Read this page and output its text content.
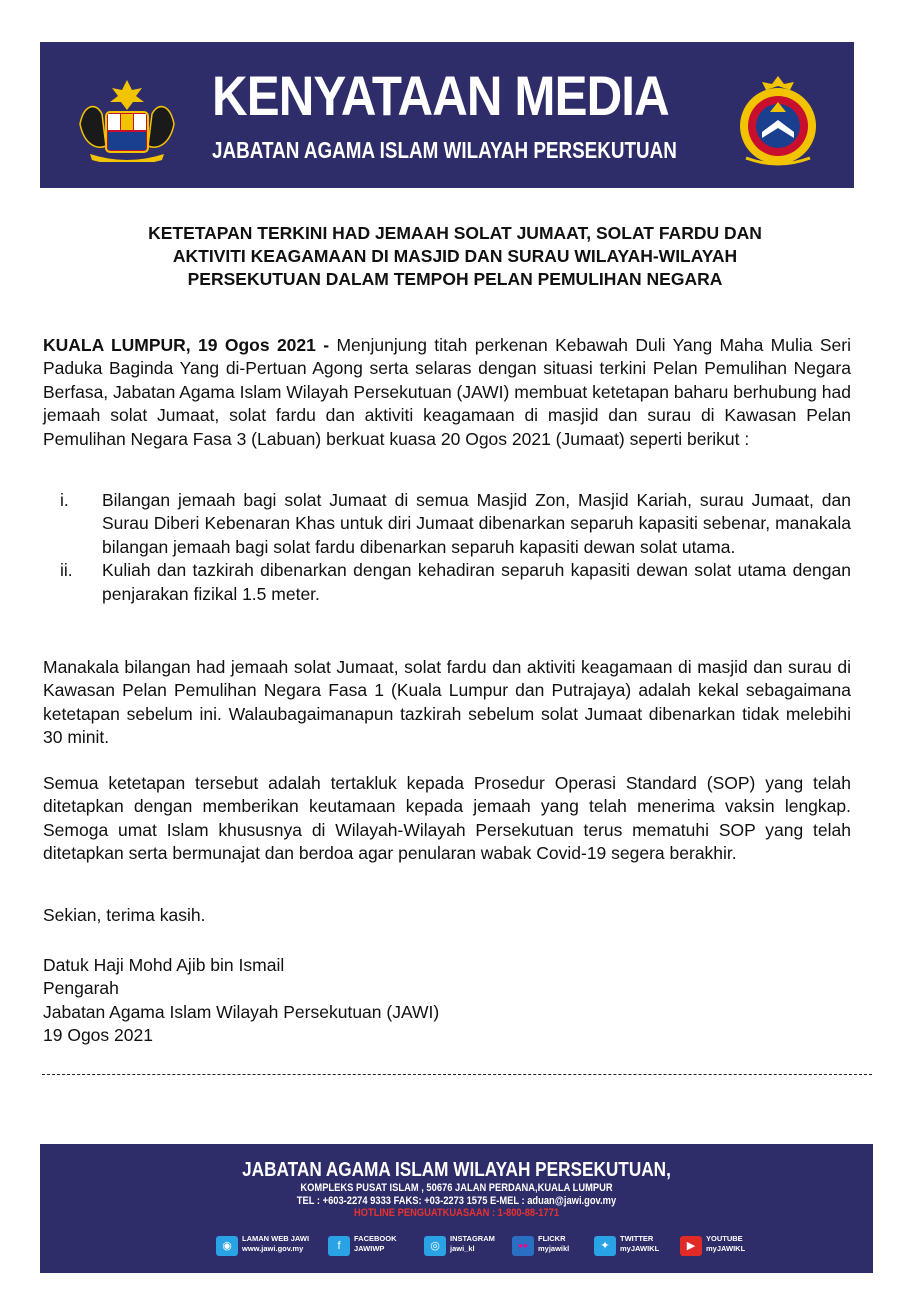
KENYATAAN MEDIA
JABATAN AGAMA ISLAM WILAYAH PERSEKUTUAN
KETETAPAN TERKINI HAD JEMAAH SOLAT JUMAAT, SOLAT FARDU DAN
AKTIVITI KEAGAMAAN DI MASJID DAN SURAU WILAYAH-WILAYAH
PERSEKUTUAN DALAM TEMPOH PELAN PEMULIHAN NEGARA
KUALA LUMPUR, 19 Ogos 2021 - Menjunjung titah perkenan Kebawah Duli Yang Maha Mulia Seri Paduka Baginda Yang di-Pertuan Agong serta selaras dengan situasi terkini Pelan Pemulihan Negara Berfasa, Jabatan Agama Islam Wilayah Persekutuan (JAWI) membuat ketetapan baharu berhubung had jemaah solat Jumaat, solat fardu dan aktiviti keagamaan di masjid dan surau di Kawasan Pelan Pemulihan Negara Fasa 3 (Labuan) berkuat kuasa 20 Ogos 2021 (Jumaat) seperti berikut :
i. Bilangan jemaah bagi solat Jumaat di semua Masjid Zon, Masjid Kariah, surau Jumaat, dan Surau Diberi Kebenaran Khas untuk diri Jumaat dibenarkan separuh kapasiti sebenar, manakala bilangan jemaah bagi solat fardu dibenarkan separuh kapasiti dewan solat utama.
ii. Kuliah dan tazkirah dibenarkan dengan kehadiran separuh kapasiti dewan solat utama dengan penjarakan fizikal 1.5 meter.
Manakala bilangan had jemaah solat Jumaat, solat fardu dan aktiviti keagamaan di masjid dan surau di Kawasan Pelan Pemulihan Negara Fasa 1 (Kuala Lumpur dan Putrajaya) adalah kekal sebagaimana ketetapan sebelum ini. Walaubagaimanapun tazkirah sebelum solat Jumaat dibenarkan tidak melebihi 30 minit.
Semua ketetapan tersebut adalah tertakluk kepada Prosedur Operasi Standard (SOP) yang telah ditetapkan dengan memberikan keutamaan kepada jemaah yang telah menerima vaksin lengkap. Semoga umat Islam khususnya di Wilayah-Wilayah Persekutuan terus mematuhi SOP yang telah ditetapkan serta bermunajat dan berdoa agar penularan wabak Covid-19 segera berakhir.
Sekian, terima kasih.
Datuk Haji Mohd Ajib bin Ismail
Pengarah
Jabatan Agama Islam Wilayah Persekutuan (JAWI)
19 Ogos 2021
JABATAN AGAMA ISLAM WILAYAH PERSEKUTUAN,
KOMPLEKS PUSAT ISLAM , 50676 JALAN PERDANA,KUALA LUMPUR
TEL : +603-2274 9333 FAKS: +03-2273 1575 E-MEL : aduan@jawi.gov.my
HOTLINE PENGUATKUASAAN : 1-800-88-1771
◉
LAMAN WEB JAWI
www.jawi.gov.my	f
FACEBOOK
JAWIWP	◎
INSTAGRAM
jawi_kl	●●
FLICKR
myjawikl	✦
TWITTER
myJAWIKL	▶
YOUTUBE
myJAWIKL
